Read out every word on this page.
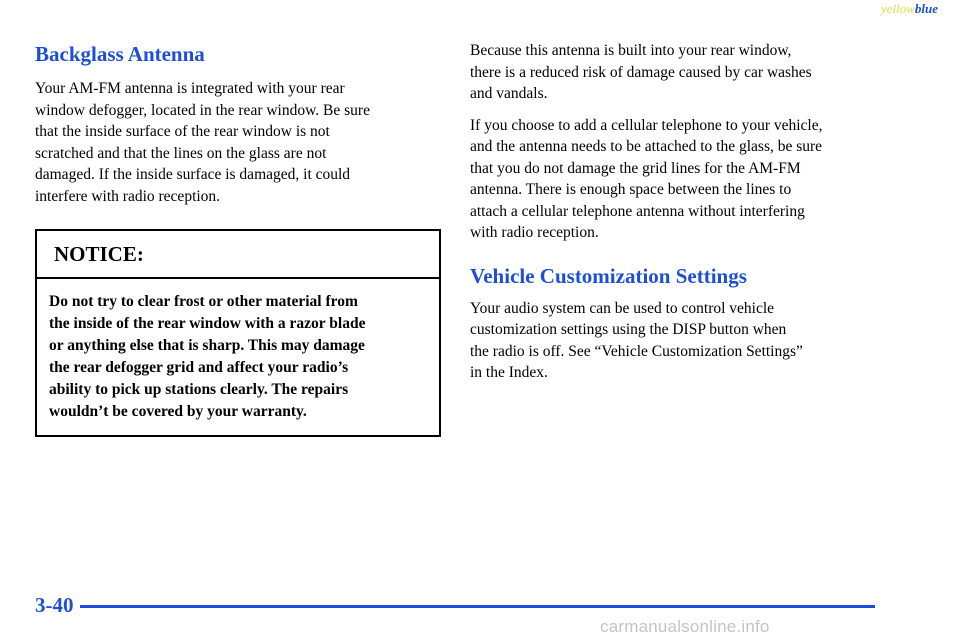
yellowblue
Backglass Antenna

Your AM-FM antenna is integrated with your rear
window defogger, located in the rear window. Be sure
that the inside surface of the rear window is not
scratched and that the lines on the glass are not
damaged. If the inside surface is damaged, it could
interfere with radio reception.

NOTICE:
Do not try to clear frost or other material from
the inside of the rear window with a razor blade
or anything else that is sharp. This may damage
the rear defogger grid and affect your radio’s
ability to pick up stations clearly. The repairs
wouldn’t be covered by your warranty.

Because this antenna is built into your rear window,
there is a reduced risk of damage caused by car washes
and vandals.

If you choose to add a cellular telephone to your vehicle,
and the antenna needs to be attached to the glass, be sure
that you do not damage the grid lines for the AM-FM
antenna. There is enough space between the lines to
attach a cellular telephone antenna without interfering
with radio reception.

Vehicle Customization Settings

Your audio system can be used to control vehicle
customization settings using the DISP button when
the radio is off. See “Vehicle Customization Settings”
in the Index.

3-40
carmanualsonline.info
